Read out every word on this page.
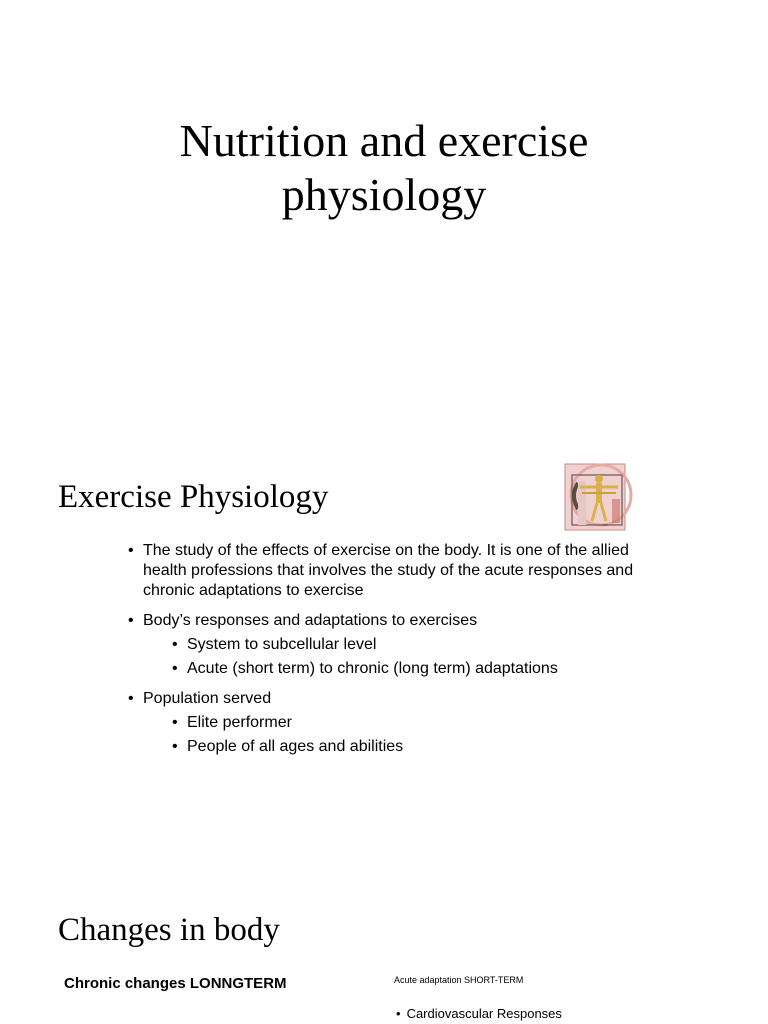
Nutrition and exercise
physiology
Exercise Physiology
• The study of the effects of exercise on the body. It is one of the allied health professions that involves the study of the acute responses and chronic adaptations to exercise
• Body’s responses and adaptations to exercises
• System to subcellular level
• Acute (short term) to chronic (long term) adaptations
• Population served
• Elite performer
• People of all ages and abilities
Changes in body
Chronic changes LONNGTERM	Acute adaptation SHORT-TERM
• Cardiovascular Responses
